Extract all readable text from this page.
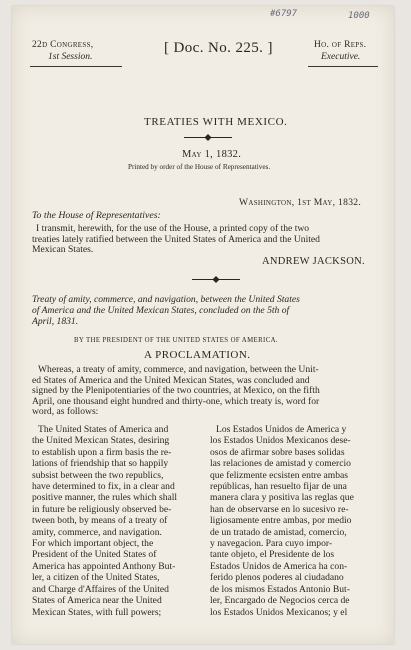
#6797	1000
22d Congress,
1st Session.
[ Doc. No. 225. ]	Ho. of Reps.
Executive.
TREATIES WITH MEXICO.
May 1, 1832.
Printed by order of the House of Representatives.
Washington, 1st May, 1832.
To the House of Representatives:
I transmit, herewith, for the use of the House, a printed copy of the two
treaties lately ratified between the United States of America and the United
Mexican States.
ANDREW JACKSON.
Treaty of amity, commerce, and navigation, between the United States
of America and the United Mexican States, concluded on the 5th of
April, 1831.
BY THE PRESIDENT OF THE UNITED STATES OF AMERICA.
A PROCLAMATION.
Whereas, a treaty of amity, commerce, and navigation, between the Unit-
ed States of America and the United Mexican States, was concluded and
signed by the Plenipotentiaries of the two countries, at Mexico, on the fifth
April, one thousand eight hundred and thirty-one, which treaty is, word for
word, as follows:
The United States of America and
the United Mexican States, desiring
to establish upon a firm basis the re-
lations of friendship that so happily
subsist between the two republics,
have determined to fix, in a clear and
positive manner, the rules which shall
in future be religiously observed be-
tween both, by means of a treaty of
amity, commerce, and navigation.
For which important object, the
President of the United States of
America has appointed Anthony But-
ler, a citizen of the United States,
and Charge d'Affaires of the United
States of America near the United
Mexican States, with full powers;
Los Estados Unidos de America y
los Estados Unidos Mexicanos dese-
osos de afirmar sobre bases solidas
las relaciones de amistad y comercio
que felizmente ecsisten entre ambas
repúblicas, han resuelto fijar de una
manera clara y positiva las reglas que
han de observarse en lo sucesivo re-
ligiosamente entre ambas, por medio
de un tratado de amistad, comercio,
y navegacion. Para cuyo impor-
tante objeto, el Presidente de los
Estados Unidos de America ha con-
ferido plenos poderes al ciudadano
de los mismos Estados Antonio But-
ler, Encargado de Negocios cerca de
los Estados Unidos Mexicanos; y el
